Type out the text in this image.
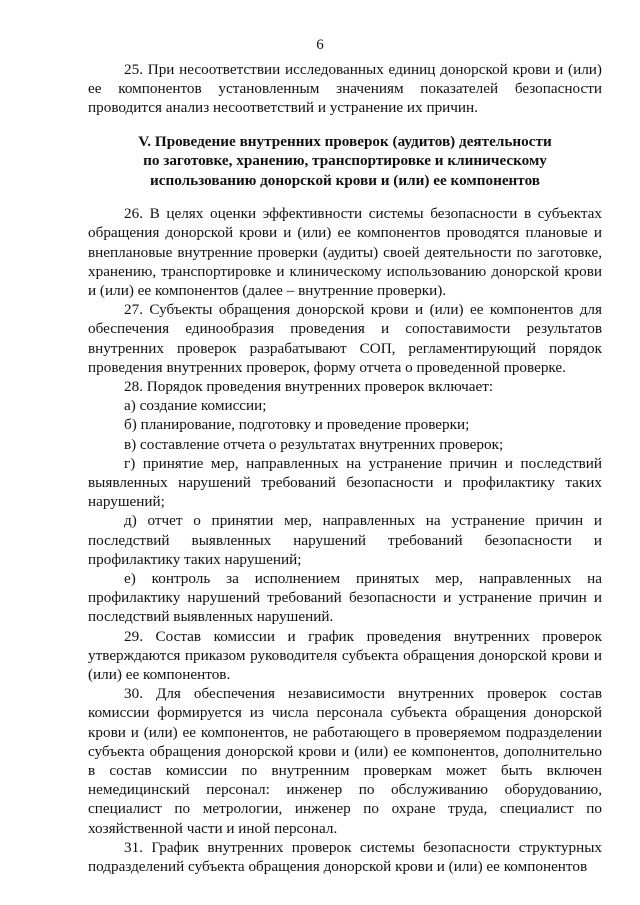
6

25. При несоответствии исследованных единиц донорской крови и (или) ее компонентов установленным значениям показателей безопасности проводится анализ несоответствий и устранение их причин.

V. Проведение внутренних проверок (аудитов) деятельности
по заготовке, хранению, транспортировке и клиническому
использованию донорской крови и (или) ее компонентов

26. В целях оценки эффективности системы безопасности в субъектах обращения донорской крови и (или) ее компонентов проводятся плановые и внеплановые внутренние проверки (аудиты) своей деятельности по заготовке, хранению, транспортировке и клиническому использованию донорской крови и (или) ее компонентов (далее – внутренние проверки).

27. Субъекты обращения донорской крови и (или) ее компонентов для обеспечения единообразия проведения и сопоставимости результатов внутренних проверок разрабатывают СОП, регламентирующий порядок проведения внутренних проверок, форму отчета о проведенной проверке.

28. Порядок проведения внутренних проверок включает:

а) создание комиссии;

б) планирование, подготовку и проведение проверки;

в) составление отчета о результатах внутренних проверок;

г) принятие мер, направленных на устранение причин и последствий выявленных нарушений требований безопасности и профилактику таких нарушений;

д) отчет о принятии мер, направленных на устранение причин и последствий выявленных нарушений требований безопасности и профилактику таких нарушений;

е) контроль за исполнением принятых мер, направленных на профилактику нарушений требований безопасности и устранение причин и последствий выявленных нарушений.

29. Состав комиссии и график проведения внутренних проверок утверждаются приказом руководителя субъекта обращения донорской крови и (или) ее компонентов.

30. Для обеспечения независимости внутренних проверок состав комиссии формируется из числа персонала субъекта обращения донорской крови и (или) ее компонентов, не работающего в проверяемом подразделении субъекта обращения донорской крови и (или) ее компонентов, дополнительно в состав комиссии по внутренним проверкам может быть включен немедицинский персонал: инженер по обслуживанию оборудованию, специалист по метрологии, инженер по охране труда, специалист по хозяйственной части и иной персонал.

31. График внутренних проверок системы безопасности структурных подразделений субъекта обращения донорской крови и (или) ее компонентов
